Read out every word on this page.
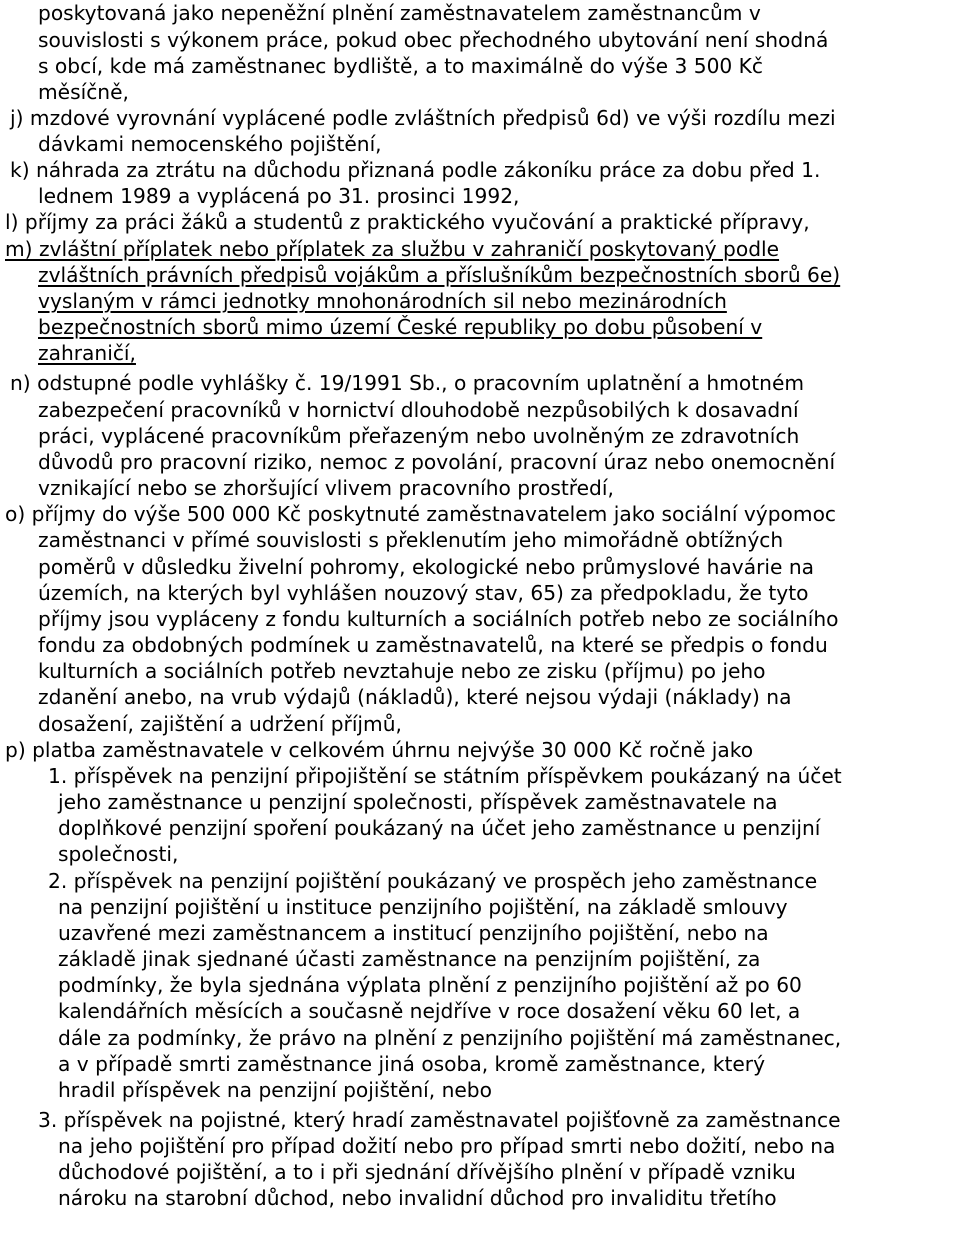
poskytovaná jako nepeněžní plnění zaměstnavatelem zaměstnancům v
souvislosti s výkonem práce, pokud obec přechodného ubytování není shodná
s obcí, kde má zaměstnanec bydliště, a to maximálně do výše 3 500 Kč
měsíčně,
j) mzdové vyrovnání vyplácené podle zvláštních předpisů 6d) ve výši rozdílu mezi
dávkami nemocenského pojištění,
k) náhrada za ztrátu na důchodu přiznaná podle zákoníku práce za dobu před 1.
lednem 1989 a vyplácená po 31. prosinci 1992,
l) příjmy za práci žáků a studentů z praktického vyučování a praktické přípravy,
m) zvláštní příplatek nebo příplatek za službu v zahraničí poskytovaný podle
zvláštních právních předpisů vojákům a příslušníkům bezpečnostních sborů 6e)
vyslaným v rámci jednotky mnohonárodních sil nebo mezinárodních
bezpečnostních sborů mimo území České republiky po dobu působení v
zahraničí,
n) odstupné podle vyhlášky č. 19/1991 Sb., o pracovním uplatnění a hmotném
zabezpečení pracovníků v hornictví dlouhodobě nezpůsobilých k dosavadní
práci, vyplácené pracovníkům přeřazeným nebo uvolněným ze zdravotních
důvodů pro pracovní riziko, nemoc z povolání, pracovní úraz nebo onemocnění
vznikající nebo se zhoršující vlivem pracovního prostředí,
o) příjmy do výše 500 000 Kč poskytnuté zaměstnavatelem jako sociální výpomoc
zaměstnanci v přímé souvislosti s překlenutím jeho mimořádně obtížných
poměrů v důsledku živelní pohromy, ekologické nebo průmyslové havárie na
územích, na kterých byl vyhlášen nouzový stav, 65) za předpokladu, že tyto
příjmy jsou vypláceny z fondu kulturních a sociálních potřeb nebo ze sociálního
fondu za obdobných podmínek u zaměstnavatelů, na které se předpis o fondu
kulturních a sociálních potřeb nevztahuje nebo ze zisku (příjmu) po jeho
zdanění anebo, na vrub výdajů (nákladů), které nejsou výdaji (náklady) na
dosažení, zajištění a udržení příjmů,
p) platba zaměstnavatele v celkovém úhrnu nejvýše 30 000 Kč ročně jako
1. příspěvek na penzijní připojištění se státním příspěvkem poukázaný na účet
jeho zaměstnance u penzijní společnosti, příspěvek zaměstnavatele na
doplňkové penzijní spoření poukázaný na účet jeho zaměstnance u penzijní
společnosti,
2. příspěvek na penzijní pojištění poukázaný ve prospěch jeho zaměstnance
na penzijní pojištění u instituce penzijního pojištění, na základě smlouvy
uzavřené mezi zaměstnancem a institucí penzijního pojištění, nebo na
základě jinak sjednané účasti zaměstnance na penzijním pojištění, za
podmínky, že byla sjednána výplata plnění z penzijního pojištění až po 60
kalendářních měsících a současně nejdříve v roce dosažení věku 60 let, a
dále za podmínky, že právo na plnění z penzijního pojištění má zaměstnanec,
a v případě smrti zaměstnance jiná osoba, kromě zaměstnance, který
hradil příspěvek na penzijní pojištění, nebo
3. příspěvek na pojistné, který hradí zaměstnavatel pojišťovně za zaměstnance
na jeho pojištění pro případ dožití nebo pro případ smrti nebo dožití, nebo na
důchodové pojištění, a to i při sjednání dřívějšího plnění v případě vzniku
nároku na starobní důchod, nebo invalidní důchod pro invaliditu třetího
